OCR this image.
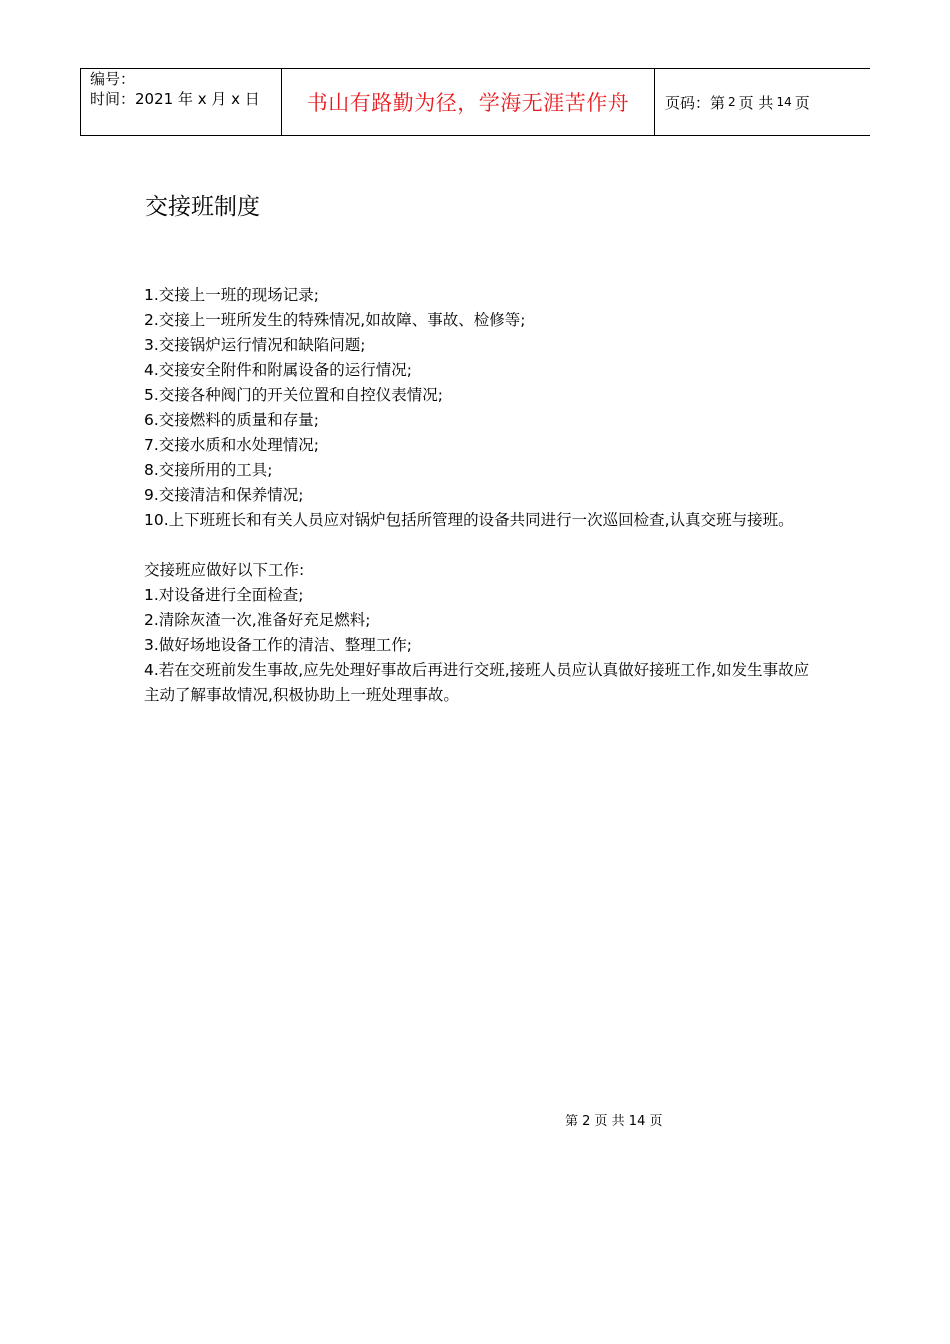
编号：
时间：2021 年 x 月 x 日	书山有路勤为径，学海无涯苦作舟	页码：第 2 页 共 14 页
交接班制度

1.交接上一班的现场记录;

2.交接上一班所发生的特殊情况,如故障、事故、检修等;

3.交接锅炉运行情况和缺陷问题;

4.交接安全附件和附属设备的运行情况;

5.交接各种阀门的开关位置和自控仪表情况;

6.交接燃料的质量和存量;

7.交接水质和水处理情况;

8.交接所用的工具;

9.交接清洁和保养情况;

10.上下班班长和有关人员应对锅炉包括所管理的设备共同进行一次巡回检查,认真交班与接班。

交接班应做好以下工作:

1.对设备进行全面检查;

2.清除灰渣一次,准备好充足燃料;

3.做好场地设备工作的清洁、整理工作;

4.若在交班前发生事故,应先处理好事故后再进行交班,接班人员应认真做好接班工作,如发生事故应主动了解事故情况,积极协助上一班处理事故。

第 2 页 共 14 页
